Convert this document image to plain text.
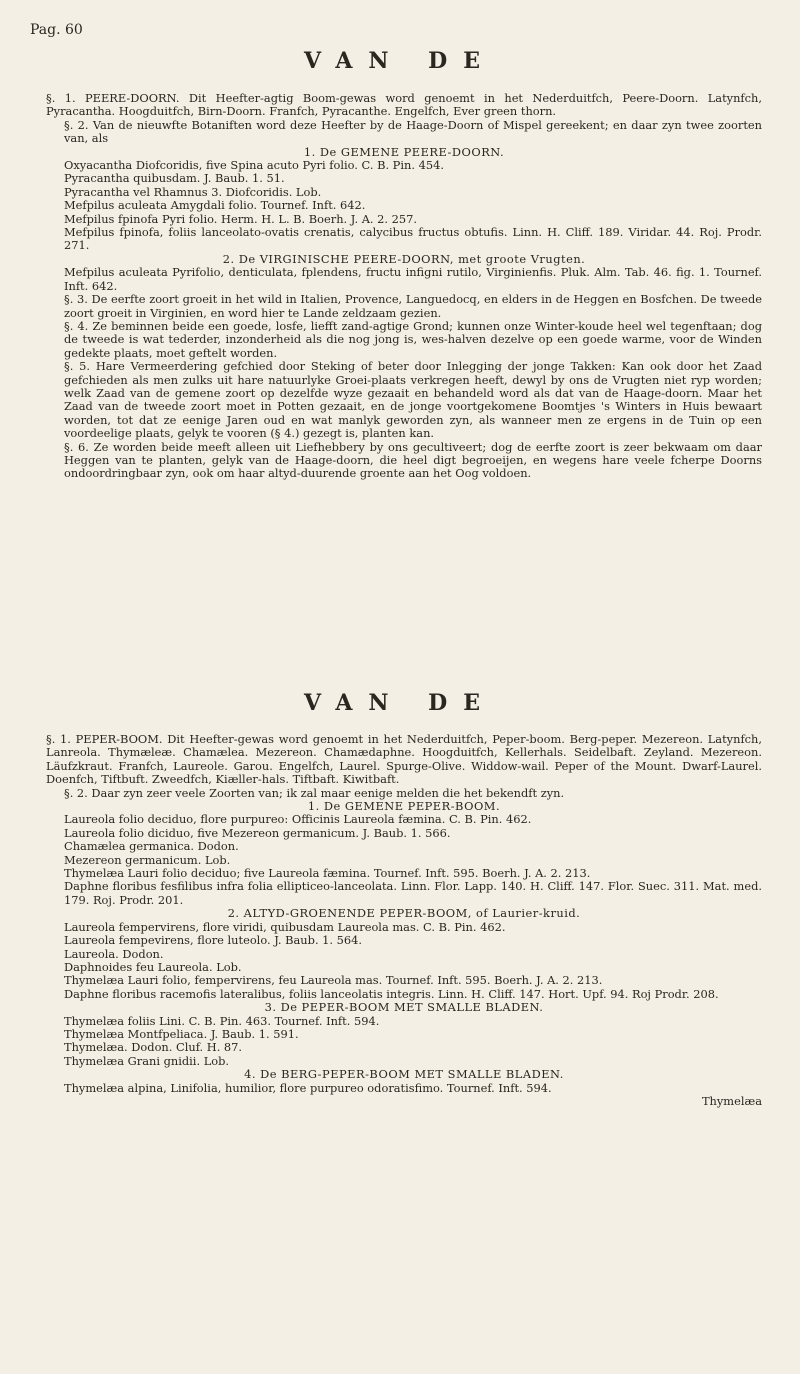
Pag. 60
VAN DE

§. 1. PEERE-DOORN. Dit Heefter-agtig Boom-gewas word genoemt in het Nederduitfch, Peere-Doorn. Latynfch, Pyracantha. Hoogduitfch, Birn-Doorn. Franfch, Pyracanthe. Engelfch, Ever green thorn.

§. 2. Van de nieuwfte Botaniften word deze Heefter by de Haage-Doorn of Mispel gereekent; en daar zyn twee zoorten van, als

1. De GEMENE PEERE-DOORN.

Oxyacantha Diofcoridis, five Spina acuto Pyri folio. C. B. Pin. 454.

Pyracantha quibusdam. J. Baub. 1. 51.

Pyracantha vel Rhamnus 3. Diofcoridis. Lob.

Mefpilus aculeata Amygdali folio. Tournef. Inft. 642.

Mefpilus fpinofa Pyri folio. Herm. H. L. B. Boerh. J. A. 2. 257.

Mefpilus fpinofa, foliis lanceolato-ovatis crenatis, calycibus fructus obtufis. Linn. H. Cliff. 189. Viridar. 44. Roj. Prodr. 271.

2. De VIRGINISCHE PEERE-DOORN, met groote Vrugten.

Mefpilus aculeata Pyrifolio, denticulata, fplendens, fructu infigni rutilo, Virginienfis. Pluk. Alm. Tab. 46. fig. 1. Tournef. Inft. 642.

§. 3. De eerfte zoort groeit in het wild in Italien, Provence, Languedocq, en elders in de Heggen en Bosfchen. De tweede zoort groeit in Virginien, en word hier te Lande zeldzaam gezien.

§. 4. Ze beminnen beide een goede, losfe, liefft zand-agtige Grond; kunnen onze Winter-koude heel wel tegenftaan; dog de tweede is wat tederder, inzonderheid als die nog jong is, wes-halven dezelve op een goede warme, voor de Winden gedekte plaats, moet geftelt worden.

§. 5. Hare Vermeerdering gefchied door Steking of beter door Inlegging der jonge Takken: Kan ook door het Zaad gefchieden als men zulks uit hare natuurlyke Groei-plaats verkregen heeft, dewyl by ons de Vrugten niet ryp worden; welk Zaad van de gemene zoort op dezelfde wyze gezaait en behandeld word als dat van de Haage-doorn. Maar het Zaad van de tweede zoort moet in Potten gezaait, en de jonge voortgekomene Boomtjes 's Winters in Huis bewaart worden, tot dat ze eenige Jaren oud en wat manlyk geworden zyn, als wanneer men ze ergens in de Tuin op een voordeelige plaats, gelyk te vooren (§ 4.) gezegt is, planten kan.

§. 6. Ze worden beide meeft alleen uit Liefhebbery by ons gecultiveert; dog de eerfte zoort is zeer bekwaam om daar Heggen van te planten, gelyk van de Haage-doorn, die heel digt begroeijen, en wegens hare veele fcherpe Doorns ondoordringbaar zyn, ook om haar altyd-duurende groente aan het Oog voldoen.

VAN DE

§. 1. PEPER-BOOM. Dit Heefter-gewas word genoemt in het Nederduitfch, Peper-boom. Berg-peper. Mezereon. Latynfch, Lanreola. Thymæleæ. Chamælea. Mezereon. Chamædaphne. Hoogduitfch, Kellerhals. Seidelbaft. Zeyland. Mezereon. Läufzkraut. Franfch, Laureole. Garou. Engelfch, Laurel. Spurge-Olive. Widdow-wail. Peper of the Mount. Dwarf-Laurel. Doenfch, Tiftbuft. Zweedfch, Kiæller-hals. Tiftbaft. Kiwitbaft.

§. 2. Daar zyn zeer veele Zoorten van; ik zal maar eenige melden die het bekendft zyn.

1. De GEMENE PEPER-BOOM.

Laureola folio deciduo, flore purpureo: Officinis Laureola fæmina. C. B. Pin. 462.

Laureola folio diciduo, five Mezereon germanicum. J. Baub. 1. 566.

Chamælea germanica. Dodon.

Mezereon germanicum. Lob.

Thymelæa Lauri folio deciduo; five Laureola fæmina. Tournef. Inft. 595. Boerh. J. A. 2. 213.

Daphne floribus fesfilibus infra folia ellipticeo-lanceolata. Linn. Flor. Lapp. 140. H. Cliff. 147. Flor. Suec. 311. Mat. med. 179. Roj. Prodr. 201.

2. ALTYD-GROENENDE PEPER-BOOM, of Laurier-kruid.

Laureola fempervirens, flore viridi, quibusdam Laureola mas. C. B. Pin. 462.

Laureola fempevirens, flore luteolo. J. Baub. 1. 564.

Laureola. Dodon.

Daphnoides feu Laureola. Lob.

Thymelæa Lauri folio, fempervirens, feu Laureola mas. Tournef. Inft. 595. Boerh. J. A. 2. 213.

Daphne floribus racemofis lateralibus, foliis lanceolatis integris. Linn. H. Cliff. 147. Hort. Upf. 94. Roj Prodr. 208.

3. De PEPER-BOOM MET SMALLE BLADEN.

Thymelæa foliis Lini. C. B. Pin. 463. Tournef. Inft. 594.

Thymelæa Montfpeliaca. J. Baub. 1. 591.

Thymelæa. Dodon. Cluf. H. 87.

Thymelæa Grani gnidii. Lob.

4. De BERG-PEPER-BOOM MET SMALLE BLADEN.

Thymelæa alpina, Linifolia, humilior, flore purpureo odoratisfimo. Tournef. Inft. 594.

Thymelæa
